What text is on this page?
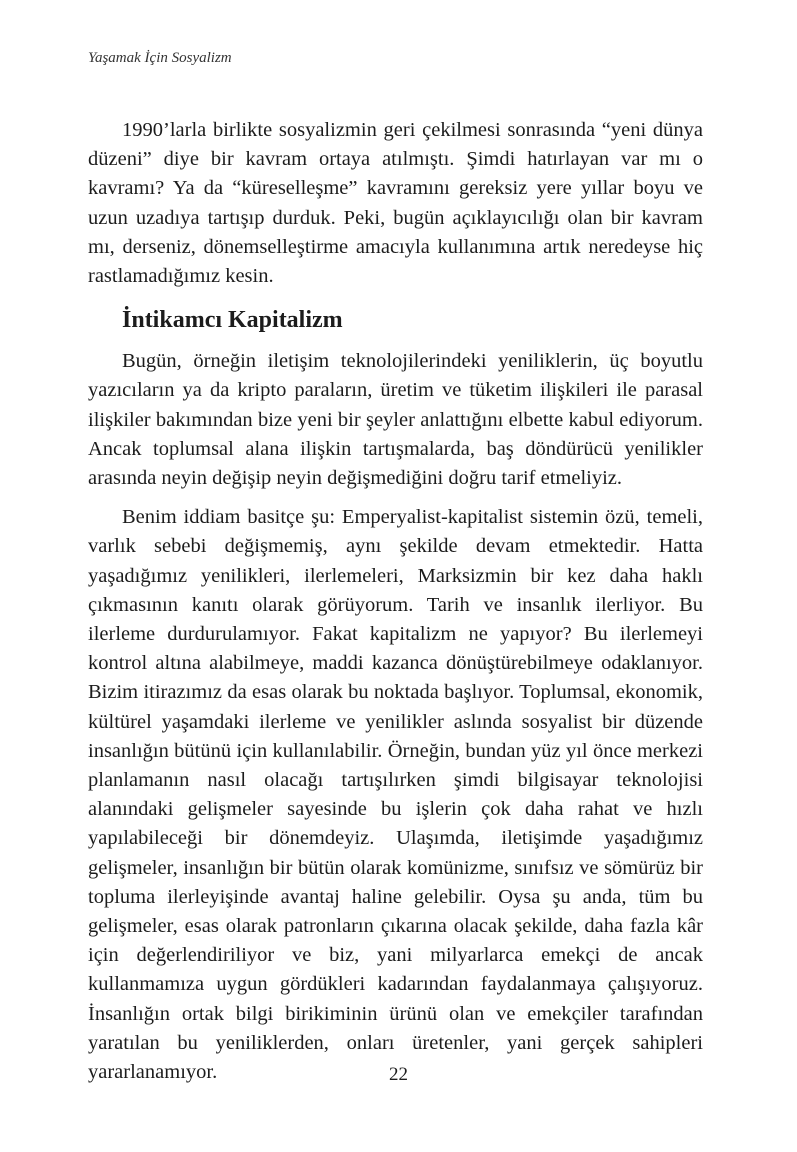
Yaşamak İçin Sosyalizm

1990’larla birlikte sosyalizmin geri çekilmesi sonrasında “yeni dünya düzeni” diye bir kavram ortaya atılmıştı. Şimdi hatırlayan var mı o kavramı? Ya da “küreselleşme” kavramını gereksiz yere yıllar boyu ve uzun uzadıya tartışıp durduk. Peki, bugün açıklayıcılığı olan bir kavram mı, derseniz, dönemselleştirme amacıyla kullanımına artık neredeyse hiç rastlamadığımız kesin.

İntikamcı Kapitalizm

Bugün, örneğin iletişim teknolojilerindeki yeniliklerin, üç boyutlu yazıcıların ya da kripto paraların, üretim ve tüketim ilişkileri ile parasal ilişkiler bakımından bize yeni bir şeyler anlattığını elbette kabul ediyorum. Ancak toplumsal alana ilişkin tartışmalarda, baş döndürücü yenilikler arasında neyin değişip neyin değişmediğini doğru tarif etmeliyiz.

Benim iddiam basitçe şu: Emperyalist-kapitalist sistemin özü, temeli, varlık sebebi değişmemiş, aynı şekilde devam etmektedir. Hatta yaşadığımız yenilikleri, ilerlemeleri, Marksizmin bir kez daha haklı çıkmasının kanıtı olarak görüyorum. Tarih ve insanlık ilerliyor. Bu ilerleme durdurulamıyor. Fakat kapitalizm ne yapıyor? Bu ilerlemeyi kontrol altına alabilmeye, maddi kazanca dönüştürebilmeye odaklanıyor. Bizim itirazımız da esas olarak bu noktada başlıyor. Toplumsal, ekonomik, kültürel yaşamdaki ilerleme ve yenilikler aslında sosyalist bir düzende insanlığın bütünü için kullanılabilir. Örneğin, bundan yüz yıl önce merkezi planlamanın nasıl olacağı tartışılırken şimdi bilgisayar teknolojisi alanındaki gelişmeler sayesinde bu işlerin çok daha rahat ve hızlı yapılabileceği bir dönemdeyiz. Ulaşımda, iletişimde yaşadığımız gelişmeler, insanlığın bir bütün olarak komünizme, sınıfsız ve sömürüz bir topluma ilerleyişinde avantaj haline gelebilir. Oysa şu anda, tüm bu gelişmeler, esas olarak patronların çıkarına olacak şekilde, daha fazla kâr için değerlendiriliyor ve biz, yani milyarlarca emekçi de ancak kullanmamıza uygun gördükleri kadarından faydalanmaya çalışıyoruz. İnsanlığın ortak bilgi birikiminin ürünü olan ve emekçiler tarafından yaratılan bu yeniliklerden, onları üretenler, yani gerçek sahipleri yararlanamıyor.	22
